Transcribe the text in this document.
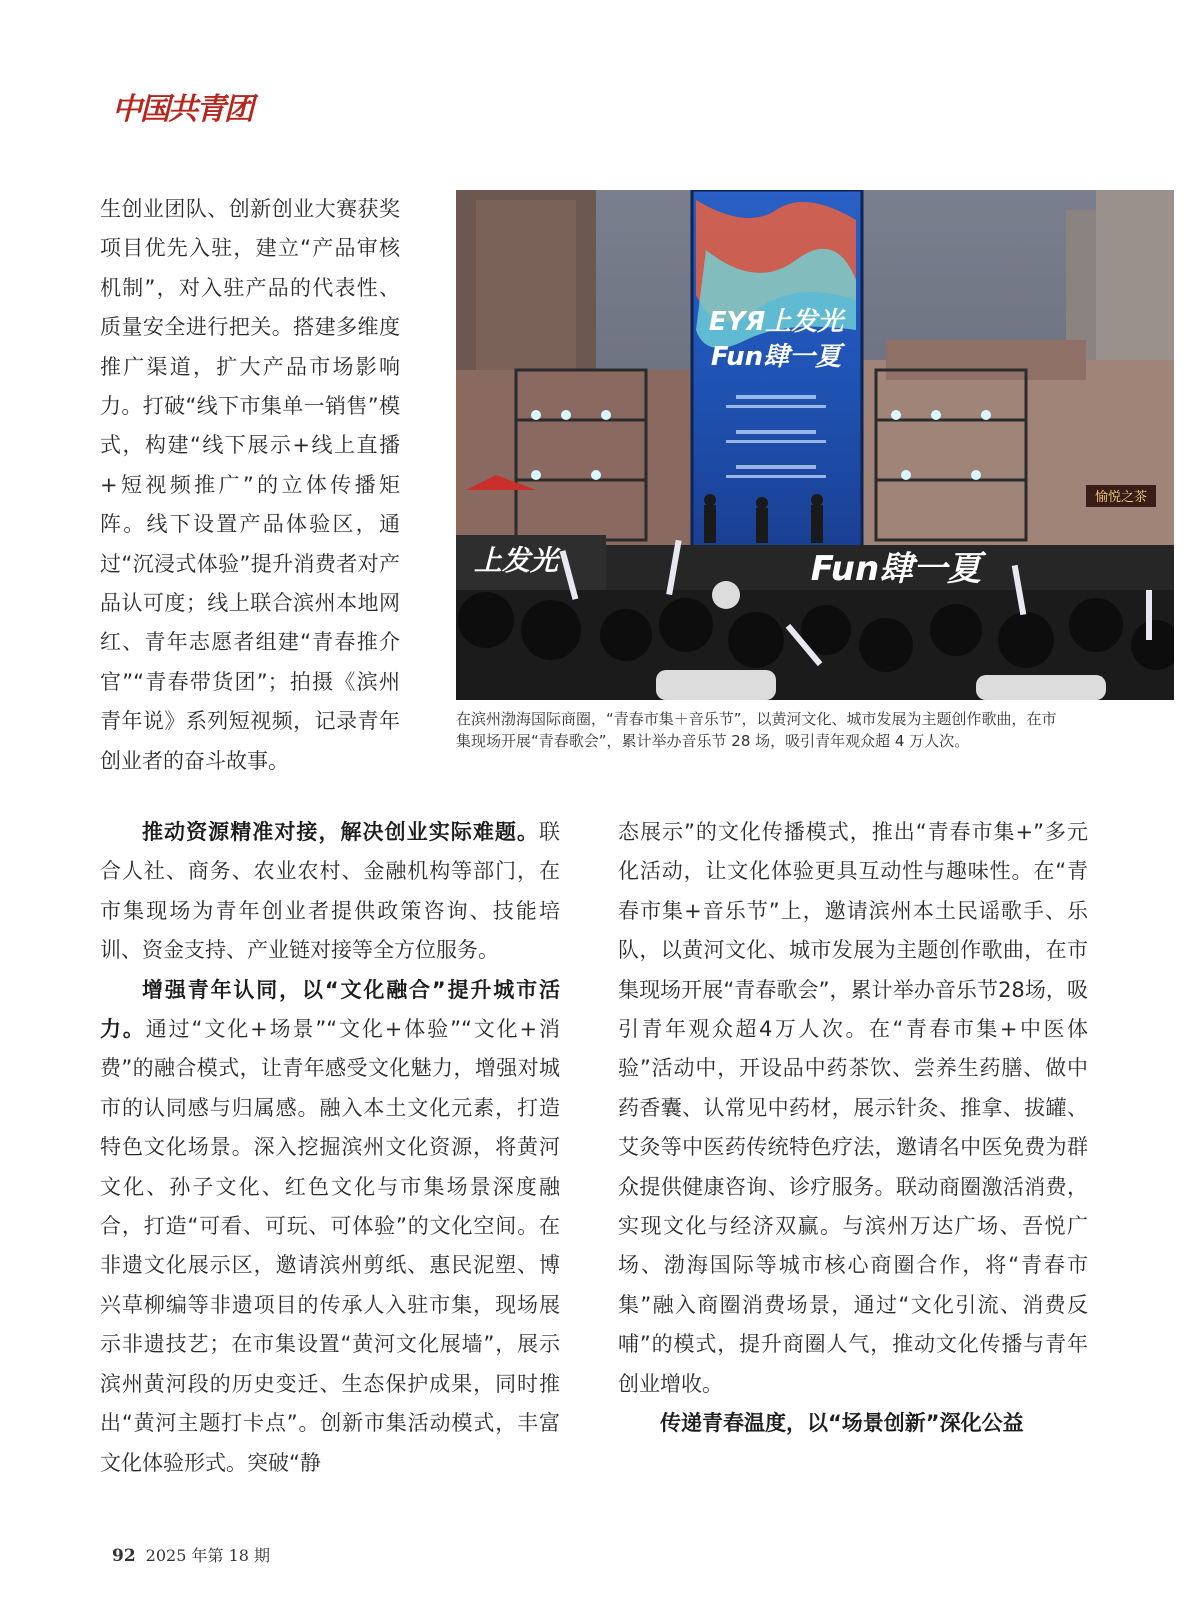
中国共青团

生创业团队、创新创业大赛获奖项目优先入驻，建立“产品审核机制”，对入驻产品的代表性、质量安全进行把关。搭建多维度推广渠道，扩大产品市场影响力。打破“线下市集单一销售”模式，构建“线下展示+线上直播+短视频推广”的立体传播矩阵。线下设置产品体验区，通过“沉浸式体验”提升消费者对产品认可度；线上联合滨州本地网红、青年志愿者组建“青春推介官”“青春带货团”；拍摄《滨州青年说》系列短视频，记录青年创业者的奋斗故事。

EYЯ上发光
Fun肆一夏
愉悦之茶
Fun肆一夏
上发光

在滨州渤海国际商圈，“青春市集＋音乐节”，以黄河文化、城市发展为主题创作歌曲，在市集现场开展“青春歌会”，累计举办音乐节 28 场，吸引青年观众超 4 万人次。

推动资源精准对接，解决创业实际难题。联合人社、商务、农业农村、金融机构等部门，在市集现场为青年创业者提供政策咨询、技能培训、资金支持、产业链对接等全方位服务。

增强青年认同，以“文化融合”提升城市活力。通过“文化+场景”“文化+体验”“文化+消费”的融合模式，让青年感受文化魅力，增强对城市的认同感与归属感。融入本土文化元素，打造特色文化场景。深入挖掘滨州文化资源，将黄河文化、孙子文化、红色文化与市集场景深度融合，打造“可看、可玩、可体验”的文化空间。在非遗文化展示区，邀请滨州剪纸、惠民泥塑、博兴草柳编等非遗项目的传承人入驻市集，现场展示非遗技艺；在市集设置“黄河文化展墙”，展示滨州黄河段的历史变迁、生态保护成果，同时推出“黄河主题打卡点”。创新市集活动模式，丰富文化体验形式。突破“静

态展示”的文化传播模式，推出“青春市集+”多元化活动，让文化体验更具互动性与趣味性。在“青春市集+音乐节”上，邀请滨州本土民谣歌手、乐队，以黄河文化、城市发展为主题创作歌曲，在市集现场开展“青春歌会”，累计举办音乐节28场，吸引青年观众超4万人次。在“青春市集+中医体验”活动中，开设品中药茶饮、尝养生药膳、做中药香囊、认常见中药材，展示针灸、推拿、拔罐、艾灸等中医药传统特色疗法，邀请名中医免费为群众提供健康咨询、诊疗服务。联动商圈激活消费，实现文化与经济双赢。与滨州万达广场、吾悦广场、渤海国际等城市核心商圈合作，将“青春市集”融入商圈消费场景，通过“文化引流、消费反哺”的模式，提升商圈人气，推动文化传播与青年创业增收。

传递青春温度，以“场景创新”深化公益

92 2025 年第 18 期
